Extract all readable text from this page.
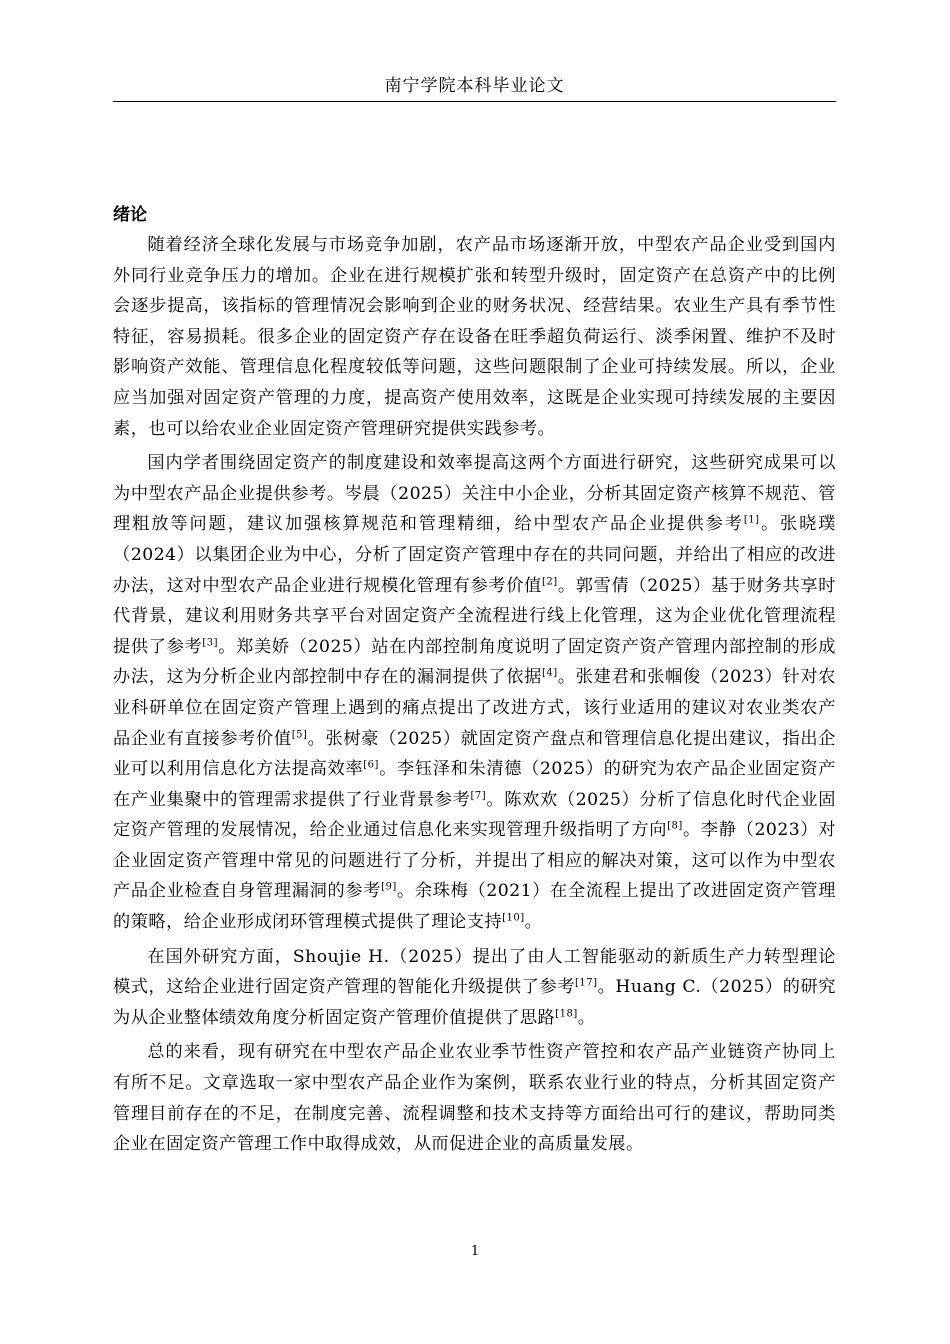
南宁学院本科毕业论文
绪论

随着经济全球化发展与市场竞争加剧，农产品市场逐渐开放，中型农产品企业受到国内外同行业竞争压力的增加。企业在进行规模扩张和转型升级时，固定资产在总资产中的比例会逐步提高，该指标的管理情况会影响到企业的财务状况、经营结果。农业生产具有季节性特征，容易损耗。很多企业的固定资产存在设备在旺季超负荷运行、淡季闲置、维护不及时影响资产效能、管理信息化程度较低等问题，这些问题限制了企业可持续发展。所以，企业应当加强对固定资产管理的力度，提高资产使用效率，这既是企业实现可持续发展的主要因素，也可以给农业企业固定资产管理研究提供实践参考。

国内学者围绕固定资产的制度建设和效率提高这两个方面进行研究，这些研究成果可以为中型农产品企业提供参考。岑晨（2025）关注中小企业，分析其固定资产核算不规范、管理粗放等问题，建议加强核算规范和管理精细，给中型农产品企业提供参考[1]。张晓璞（2024）以集团企业为中心，分析了固定资产管理中存在的共同问题，并给出了相应的改进办法，这对中型农产品企业进行规模化管理有参考价值[2]。郭雪倩（2025）基于财务共享时代背景，建议利用财务共享平台对固定资产全流程进行线上化管理，这为企业优化管理流程提供了参考[3]。郑美娇（2025）站在内部控制角度说明了固定资产资产管理内部控制的形成办法，这为分析企业内部控制中存在的漏洞提供了依据[4]。张建君和张帼俊（2023）针对农业科研单位在固定资产管理上遇到的痛点提出了改进方式，该行业适用的建议对农业类农产品企业有直接参考价值[5]。张树豪（2025）就固定资产盘点和管理信息化提出建议，指出企业可以利用信息化方法提高效率[6]。李钰泽和朱清德（2025）的研究为农产品企业固定资产在产业集聚中的管理需求提供了行业背景参考[7]。陈欢欢（2025）分析了信息化时代企业固定资产管理的发展情况，给企业通过信息化来实现管理升级指明了方向[8]。李静（2023）对企业固定资产管理中常见的问题进行了分析，并提出了相应的解决对策，这可以作为中型农产品企业检查自身管理漏洞的参考[9]。余珠梅（2021）在全流程上提出了改进固定资产管理的策略，给企业形成闭环管理模式提供了理论支持[10]。

在国外研究方面，Shoujie H.（2025）提出了由人工智能驱动的新质生产力转型理论模式，这给企业进行固定资产管理的智能化升级提供了参考[17]。Huang C.（2025）的研究为从企业整体绩效角度分析固定资产管理价值提供了思路[18]。

总的来看，现有研究在中型农产品企业农业季节性资产管控和农产品产业链资产协同上有所不足。文章选取一家中型农产品企业作为案例，联系农业行业的特点，分析其固定资产管理目前存在的不足，在制度完善、流程调整和技术支持等方面给出可行的建议，帮助同类企业在固定资产管理工作中取得成效，从而促进企业的高质量发展。

1
